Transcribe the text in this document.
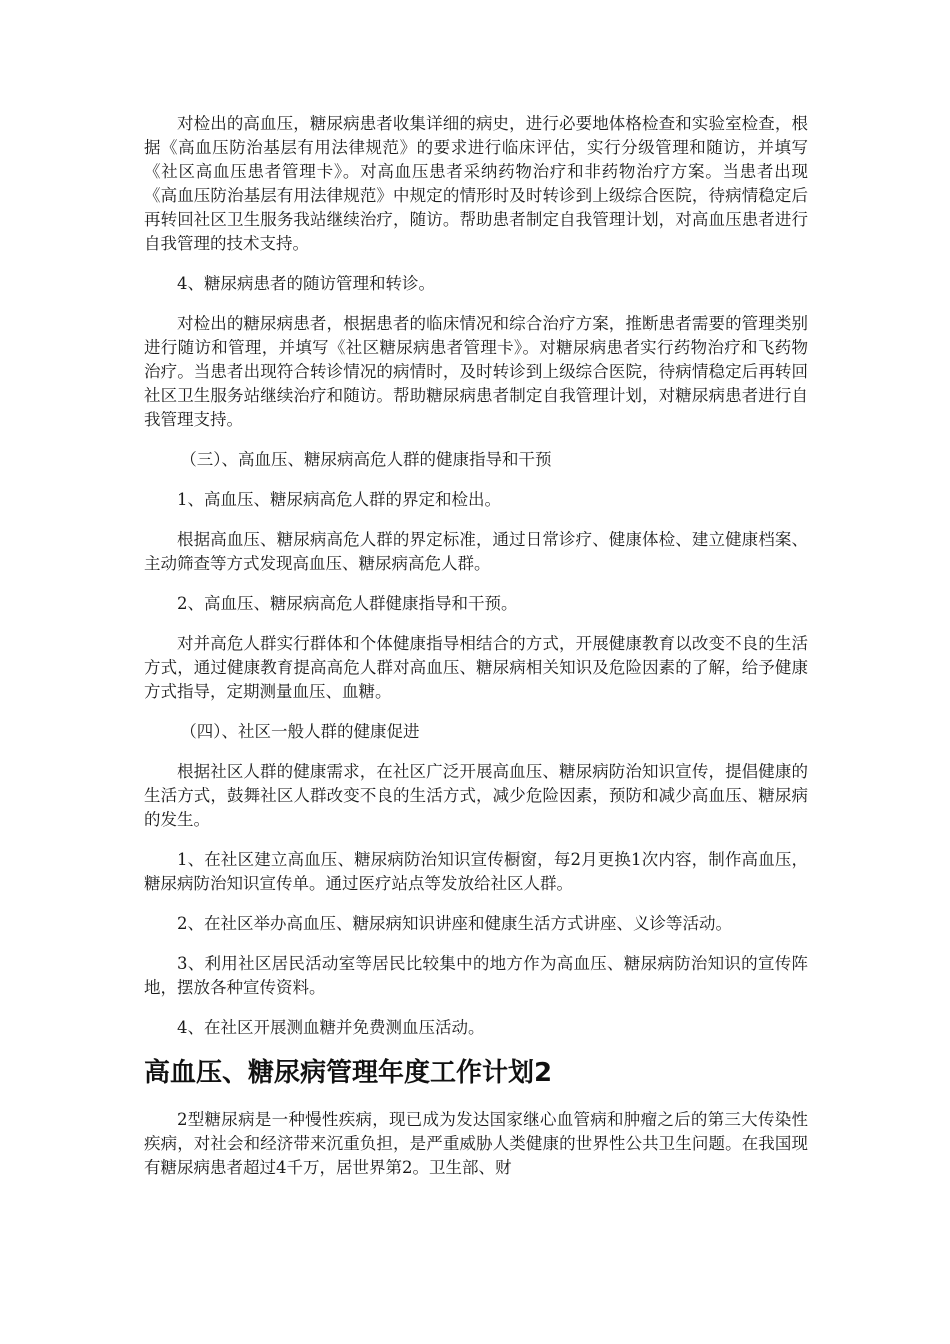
对检出的高血压，糖尿病患者收集详细的病史，进行必要地体格检查和实验室检查，根据《高血压防治基层有用法律规范》的要求进行临床评估，实行分级管理和随访，并填写《社区高血压患者管理卡》。对高血压患者采纳药物治疗和非药物治疗方案。当患者出现《高血压防治基层有用法律规范》中规定的情形时及时转诊到上级综合医院，待病情稳定后再转回社区卫生服务我站继续治疗，随访。帮助患者制定自我管理计划，对高血压患者进行自我管理的技术支持。

4、糖尿病患者的随访管理和转诊。

对检出的糖尿病患者，根据患者的临床情况和综合治疗方案，推断患者需要的管理类别进行随访和管理，并填写《社区糖尿病患者管理卡》。对糖尿病患者实行药物治疗和飞药物治疗。当患者出现符合转诊情况的病情时，及时转诊到上级综合医院，待病情稳定后再转回社区卫生服务站继续治疗和随访。帮助糖尿病患者制定自我管理计划，对糖尿病患者进行自我管理支持。

（三）、高血压、糖尿病高危人群的健康指导和干预

1、高血压、糖尿病高危人群的界定和检出。

根据高血压、糖尿病高危人群的界定标准，通过日常诊疗、健康体检、建立健康档案、主动筛查等方式发现高血压、糖尿病高危人群。

2、高血压、糖尿病高危人群健康指导和干预。

对并高危人群实行群体和个体健康指导相结合的方式，开展健康教育以改变不良的生活方式，通过健康教育提高高危人群对高血压、糖尿病相关知识及危险因素的了解，给予健康方式指导，定期测量血压、血糖。

（四）、社区一般人群的健康促进

根据社区人群的健康需求，在社区广泛开展高血压、糖尿病防治知识宣传，提倡健康的生活方式，鼓舞社区人群改变不良的生活方式，减少危险因素，预防和减少高血压、糖尿病的发生。

1、在社区建立高血压、糖尿病防治知识宣传橱窗，每2月更换1次内容，制作高血压，糖尿病防治知识宣传单。通过医疗站点等发放给社区人群。

2、在社区举办高血压、糖尿病知识讲座和健康生活方式讲座、义诊等活动。

3、利用社区居民活动室等居民比较集中的地方作为高血压、糖尿病防治知识的宣传阵地，摆放各种宣传资料。

4、在社区开展测血糖并免费测血压活动。

高血压、糖尿病管理年度工作计划2

2型糖尿病是一种慢性疾病，现已成为发达国家继心血管病和肿瘤之后的第三大传染性疾病，对社会和经济带来沉重负担，是严重威胁人类健康的世界性公共卫生问题。在我国现有糖尿病患者超过4千万，居世界第2。卫生部、财
